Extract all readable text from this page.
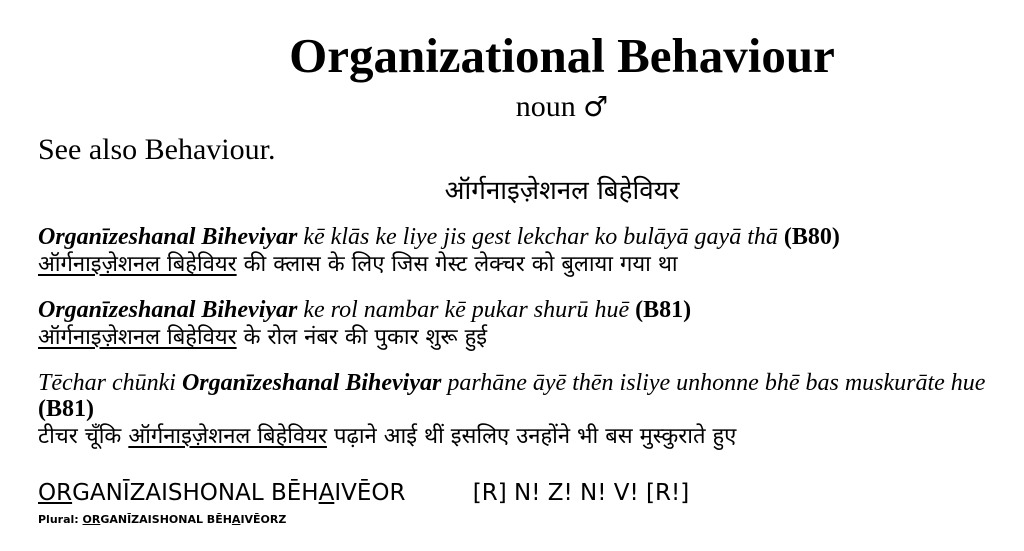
Organizational Behaviour
noun ♂
See also Behaviour.
ऑर्गनाइज़ेशनल बिहेवियर
Organīzeshanal Biheviyar kē klās ke liye jis gest lekchar ko bulāyā gayā thā (B80)
ऑर्गनाइज़ेशनल बिहेवियर की क्लास के लिए जिस गेस्ट लेक्चर को बुलाया गया था
Organīzeshanal Biheviyar ke rol nambar kē pukar shurū huē (B81)
ऑर्गनाइज़ेशनल बिहेवियर के रोल नंबर की पुकार शुरू हुई
Tēchar chūnki Organīzeshanal Biheviyar parhāne āyē thēn isliye unhonne bhē bas muskurāte hue (B81)
टीचर चूँकि ऑर्गनाइज़ेशनल बिहेवियर पढ़ाने आई थीं इसलिए उनहोंने भी बस मुस्कुराते हुए
ORGANĪZAISHONAL BĒHAIVĒOR	[R] N! Z! N! V! [R!]
Plural: ORGANĪZAISHONAL BĒHAIVĒORZ
